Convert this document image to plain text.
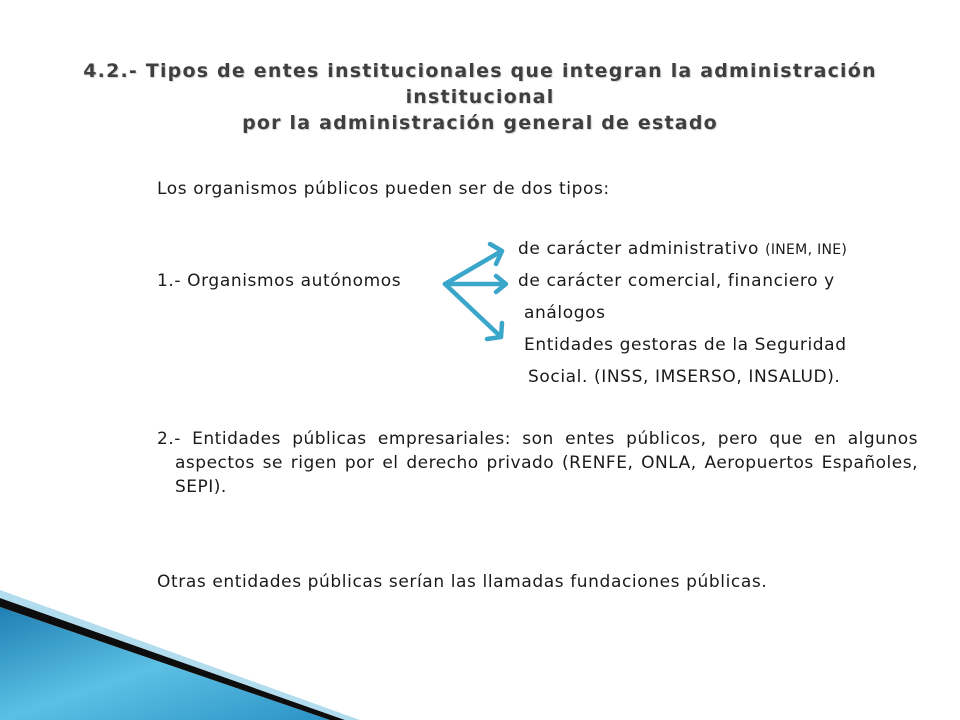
4.2.- Tipos de entes institucionales que integran la administración institucional
por la administración general de estado
Los organismos públicos pueden ser de dos tipos:
de carácter administrativo (INEM, INE)
1.- Organismos autónomos	de carácter comercial, financiero y
análogos
Entidades gestoras de la Seguridad
Social. (INSS, IMSERSO, INSALUD).
2.- Entidades públicas empresariales: son entes públicos, pero que en algunos aspectos se rigen por el derecho privado (RENFE, ONLA, Aeropuertos Españoles, SEPI).
Otras entidades públicas serían las llamadas fundaciones públicas.
